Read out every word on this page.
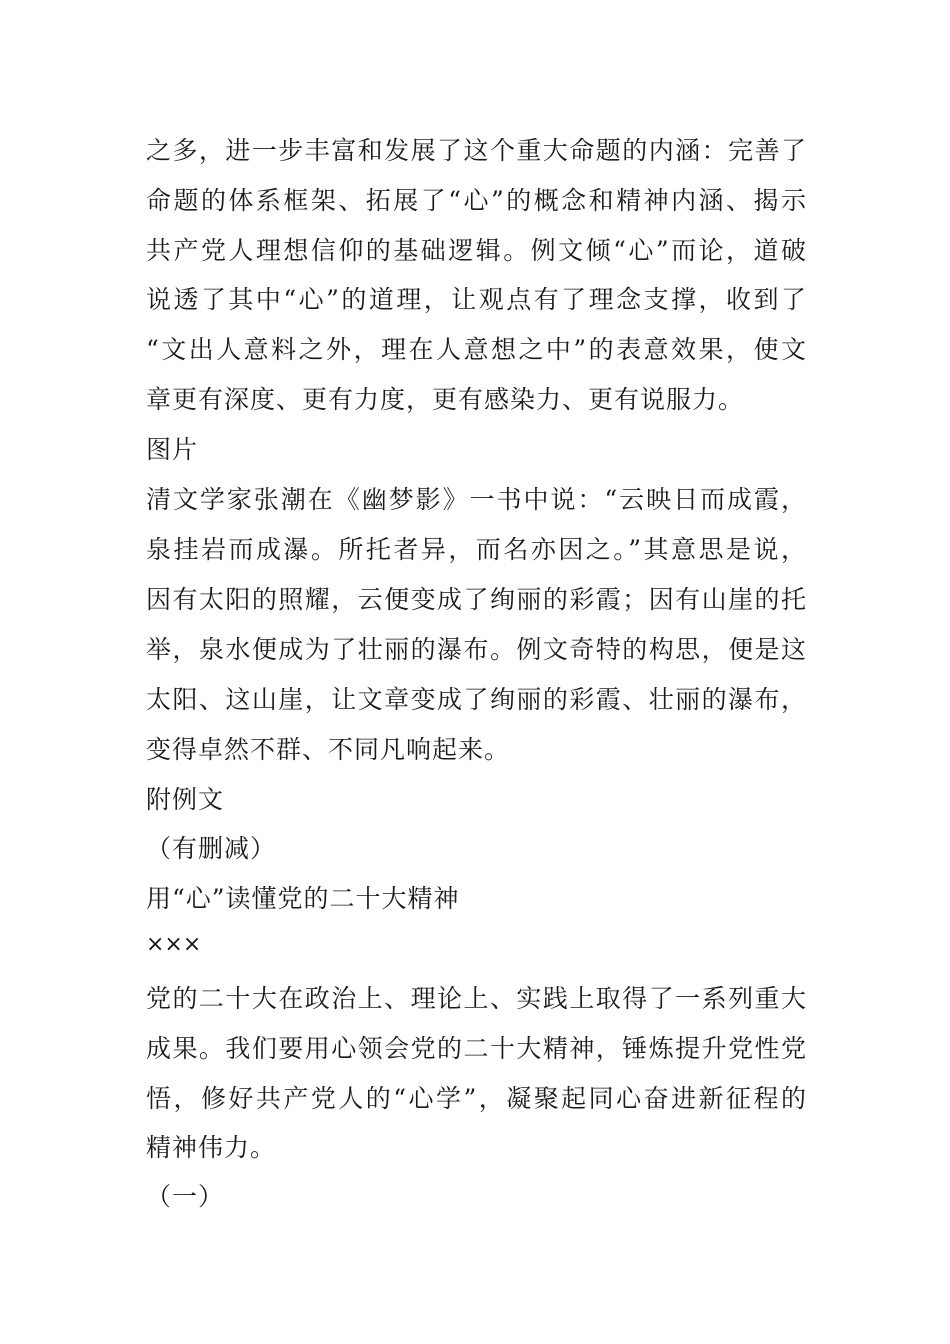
之多，进一步丰富和发展了这个重大命题的内涵：完善了
命题的体系框架、拓展了“心”的概念和精神内涵、揭示
共产党人理想信仰的基础逻辑。例文倾“心”而论，道破
说透了其中“心”的道理，让观点有了理念支撑，收到了
“文出人意料之外，理在人意想之中”的表意效果，使文
章更有深度、更有力度，更有感染力、更有说服力。
图片
清文学家张潮在《幽梦影》一书中说：“云映日而成霞，
泉挂岩而成瀑。所托者异，而名亦因之。”其意思是说，
因有太阳的照耀，云便变成了绚丽的彩霞；因有山崖的托
举，泉水便成为了壮丽的瀑布。例文奇特的构思，便是这
太阳、这山崖，让文章变成了绚丽的彩霞、壮丽的瀑布，
变得卓然不群、不同凡响起来。
附例文
（有删减）
用“心”读懂党的二十大精神
×××
党的二十大在政治上、理论上、实践上取得了一系列重大
成果。我们要用心领会党的二十大精神，锤炼提升党性党
悟，修好共产党人的“心学”，凝聚起同心奋进新征程的
精神伟力。
（一）
